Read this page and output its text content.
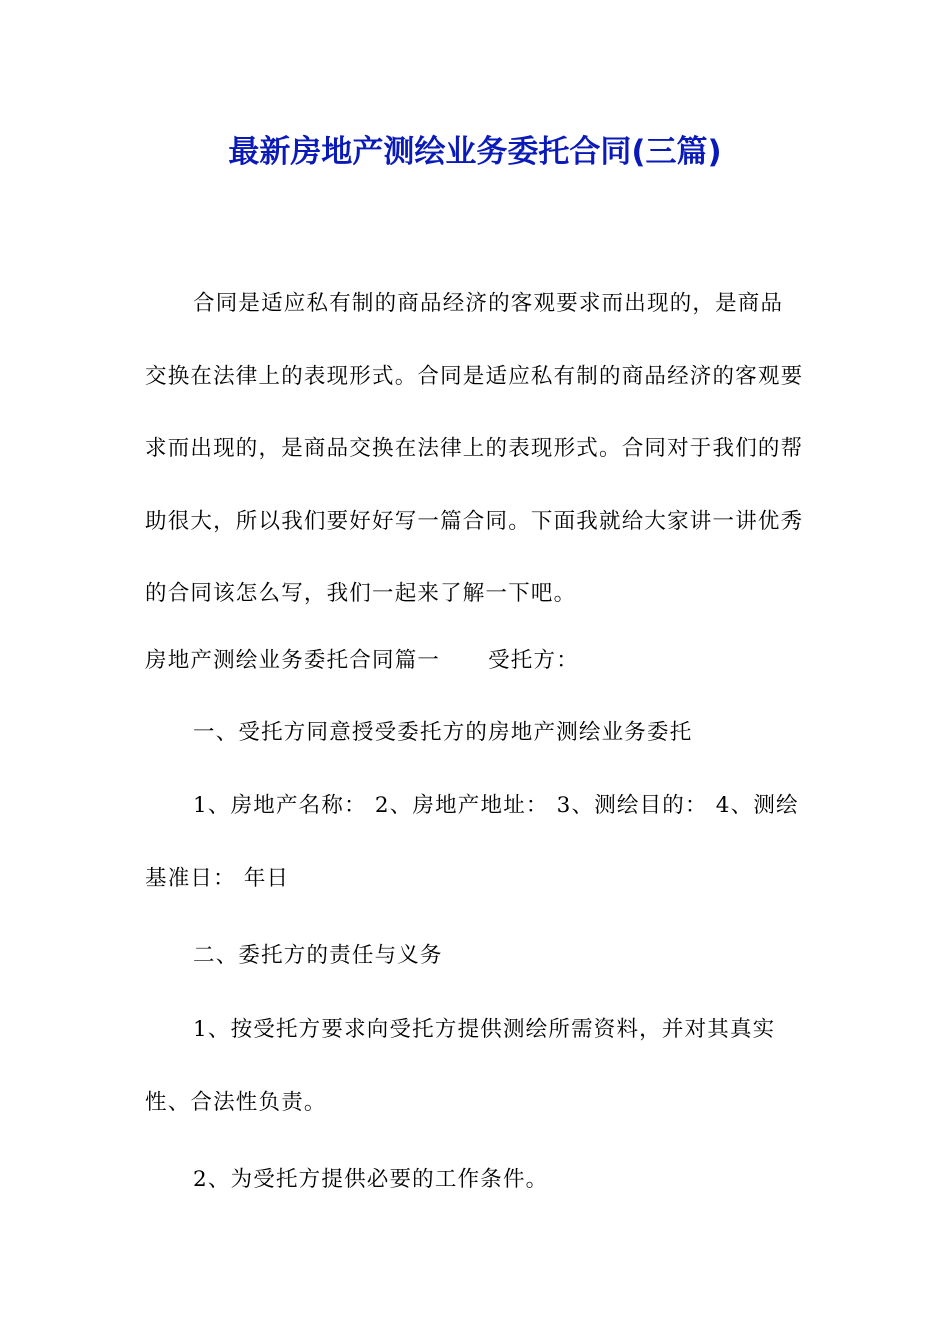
最新房地产测绘业务委托合同(三篇)

合同是适应私有制的商品经济的客观要求而出现的，是商品交换在法律上的表现形式。合同是适应私有制的商品经济的客观要求而出现的，是商品交换在法律上的表现形式。合同对于我们的帮助很大，所以我们要好好写一篇合同。下面我就给大家讲一讲优秀的合同该怎么写，我们一起来了解一下吧。

房地产测绘业务委托合同篇一 受托方：

一、受托方同意授受委托方的房地产测绘业务委托

1、房地产名称： 2、房地产地址： 3、测绘目的： 4、测绘基准日： 年日

二、委托方的责任与义务

1、按受托方要求向受托方提供测绘所需资料，并对其真实性、合法性负责。

2、为受托方提供必要的工作条件。
